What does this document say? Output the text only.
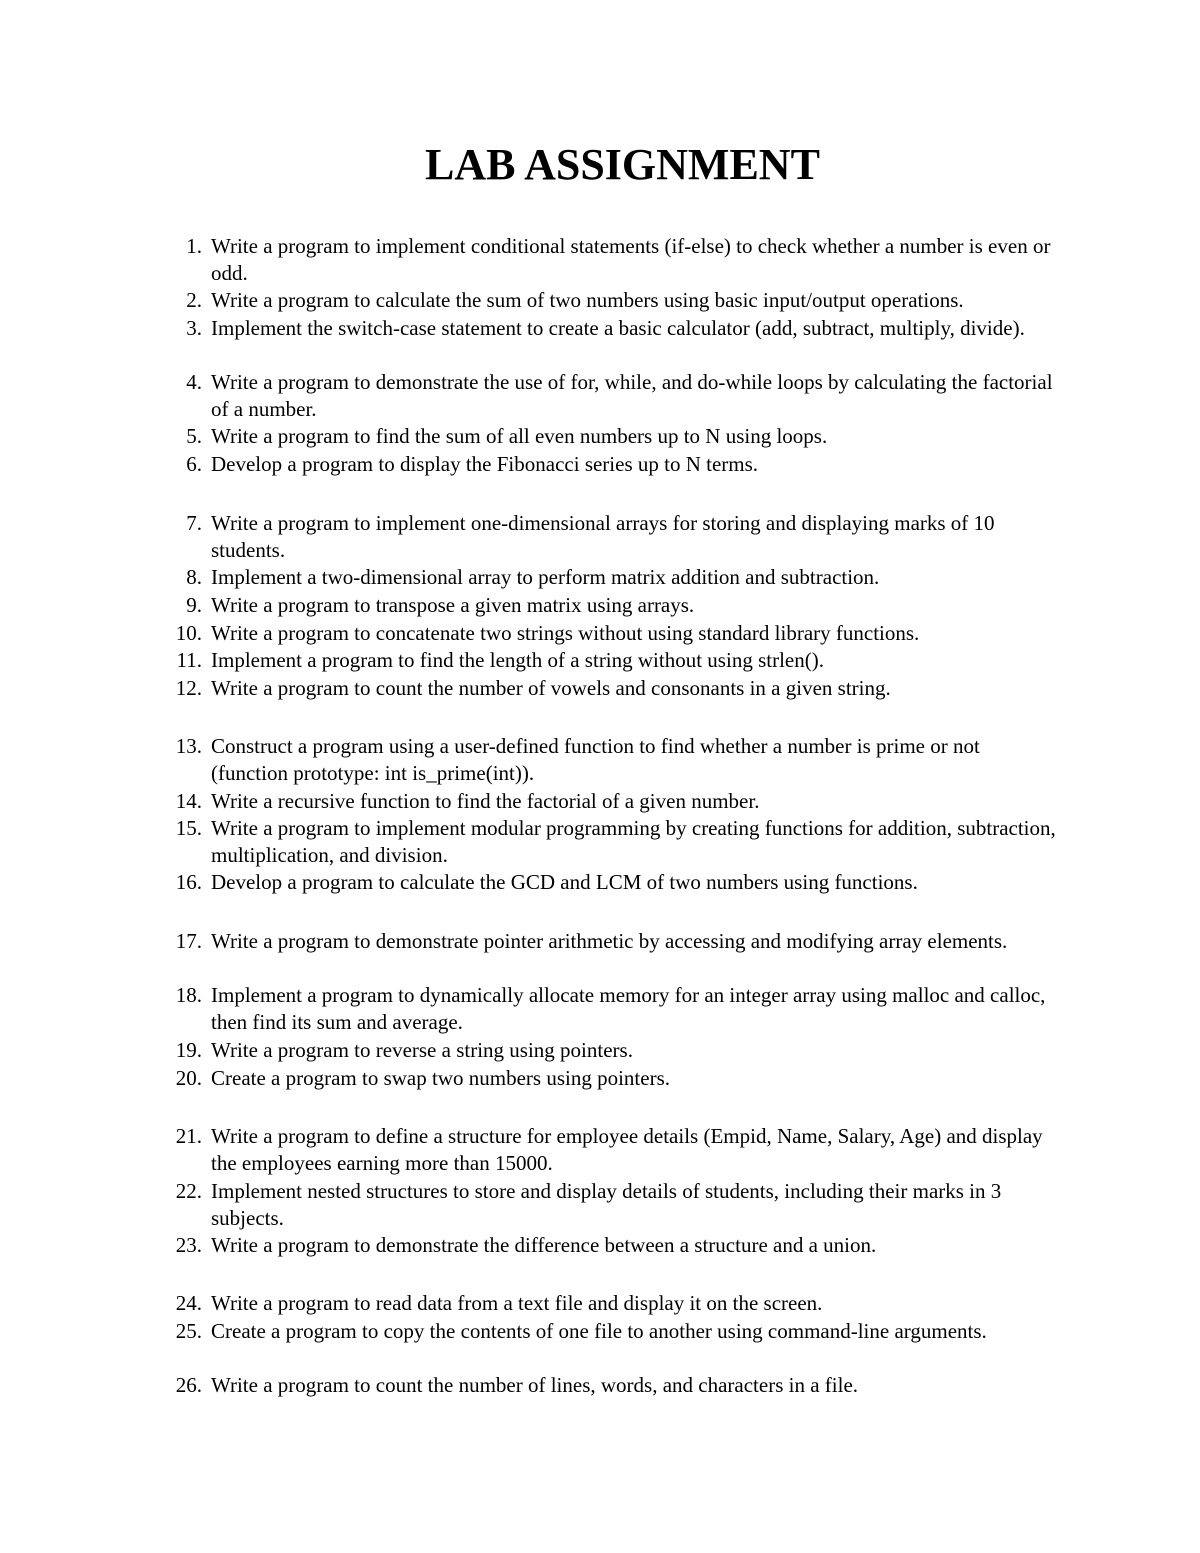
LAB ASSIGNMENT
1. Write a program to implement conditional statements (if-else) to check whether a number is even or odd.
2. Write a program to calculate the sum of two numbers using basic input/output operations.
3. Implement the switch-case statement to create a basic calculator (add, subtract, multiply, divide).
4. Write a program to demonstrate the use of for, while, and do-while loops by calculating the factorial of a number.
5. Write a program to find the sum of all even numbers up to N using loops.
6. Develop a program to display the Fibonacci series up to N terms.
7. Write a program to implement one-dimensional arrays for storing and displaying marks of 10 students.
8. Implement a two-dimensional array to perform matrix addition and subtraction.
9. Write a program to transpose a given matrix using arrays.
10. Write a program to concatenate two strings without using standard library functions.
11. Implement a program to find the length of a string without using strlen().
12. Write a program to count the number of vowels and consonants in a given string.
13. Construct a program using a user-defined function to find whether a number is prime or not (function prototype: int is_prime(int)).
14. Write a recursive function to find the factorial of a given number.
15. Write a program to implement modular programming by creating functions for addition, subtraction, multiplication, and division.
16. Develop a program to calculate the GCD and LCM of two numbers using functions.
17. Write a program to demonstrate pointer arithmetic by accessing and modifying array elements.
18. Implement a program to dynamically allocate memory for an integer array using malloc and calloc, then find its sum and average.
19. Write a program to reverse a string using pointers.
20. Create a program to swap two numbers using pointers.
21. Write a program to define a structure for employee details (Empid, Name, Salary, Age) and display the employees earning more than 15000.
22. Implement nested structures to store and display details of students, including their marks in 3 subjects.
23. Write a program to demonstrate the difference between a structure and a union.
24. Write a program to read data from a text file and display it on the screen.
25. Create a program to copy the contents of one file to another using command-line arguments.
26. Write a program to count the number of lines, words, and characters in a file.
